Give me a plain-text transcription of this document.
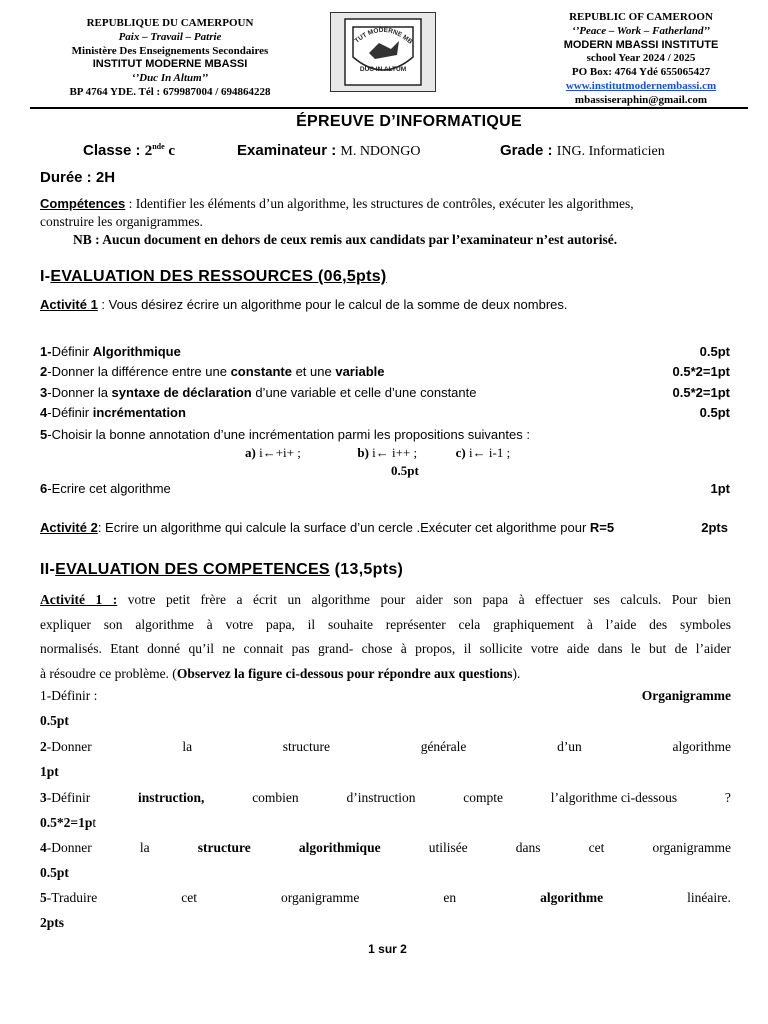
REPUBLIQUE DU CAMERPOUN
Paix – Travail – Patrie
Ministère Des Enseignements Secondaires
INSTITUT MODERNE MBASSI
‘’Duc In Altum’’
BP 4764 YDE. Tél : 679987004 / 694864228
TUT MODERNE MB
DUC IN ALTUM
REPUBLIC OF CAMEROON
‘’Peace – Work – Fatherland’’
MODERN MBASSI INSTITUTE
school Year 2024 / 2025
PO Box: 4764 Ydé 655065427
www.institutmodernembassi.cm
mbassiseraphin@gmail.com
ÉPREUVE D’INFORMATIQUE
Classe : 2nde c	Examinateur : M. NDONGO	Grade : ING. Informaticien
Durée : 2H
Compétences : Identifier les éléments d’un algorithme, les structures de contrôles, exécuter les algorithmes,
construire les organigrammes.
NB : Aucun document en dehors de ceux remis aux candidats par l’examinateur n’est autorisé.
I-EVALUATION DES RESSOURCES (06,5pts)
Activité 1 : Vous désirez écrire un algorithme pour le calcul de la somme de deux nombres.
1-Définir Algorithmique	0.5pt
2-Donner la différence entre une constante et une variable	0.5*2=1pt
3-Donner la syntaxe de déclaration d’une variable et celle d’une constante	0.5*2=1pt
4-Définir incrémentation	0.5pt
5-Choisir la bonne annotation d’une incrémentation parmi les propositions suivantes :
a) i←+i+ ;	b) i← i++ ;	c) i← i-1 ;
0.5pt
6-Ecrire cet algorithme	1pt
Activité 2: Ecrire un algorithme qui calcule la surface d’un cercle .Exécuter cet algorithme pour R=5	2pts
II-EVALUATION DES COMPETENCES (13,5pts)
Activité 1 : votre petit frère a écrit un algorithme pour aider son papa à effectuer ses calculs. Pour bien
expliquer son algorithme à votre papa, il souhaite représenter cela graphiquement à l’aide des symboles
normalisés. Etant donné qu’il ne connait pas grand- chose à propos, il sollicite votre aide dans le but de l’aider
à résoudre ce problème. (Observez la figure ci-dessous pour répondre aux questions).
1-Définir :	Organigramme
0.5pt
2-Donner	la	structure	générale	d’un	algorithme
1pt
3-Définir	instruction,	combien	d’instruction	compte	l’algorithme ci-dessous	?
0.5*2=1pt
4-Donner	la	structure	algorithmique	utilisée	dans	cet	organigramme
0.5pt
5-Traduire	cet	organigramme	en	algorithme	linéaire.
2pts
1 sur 2
